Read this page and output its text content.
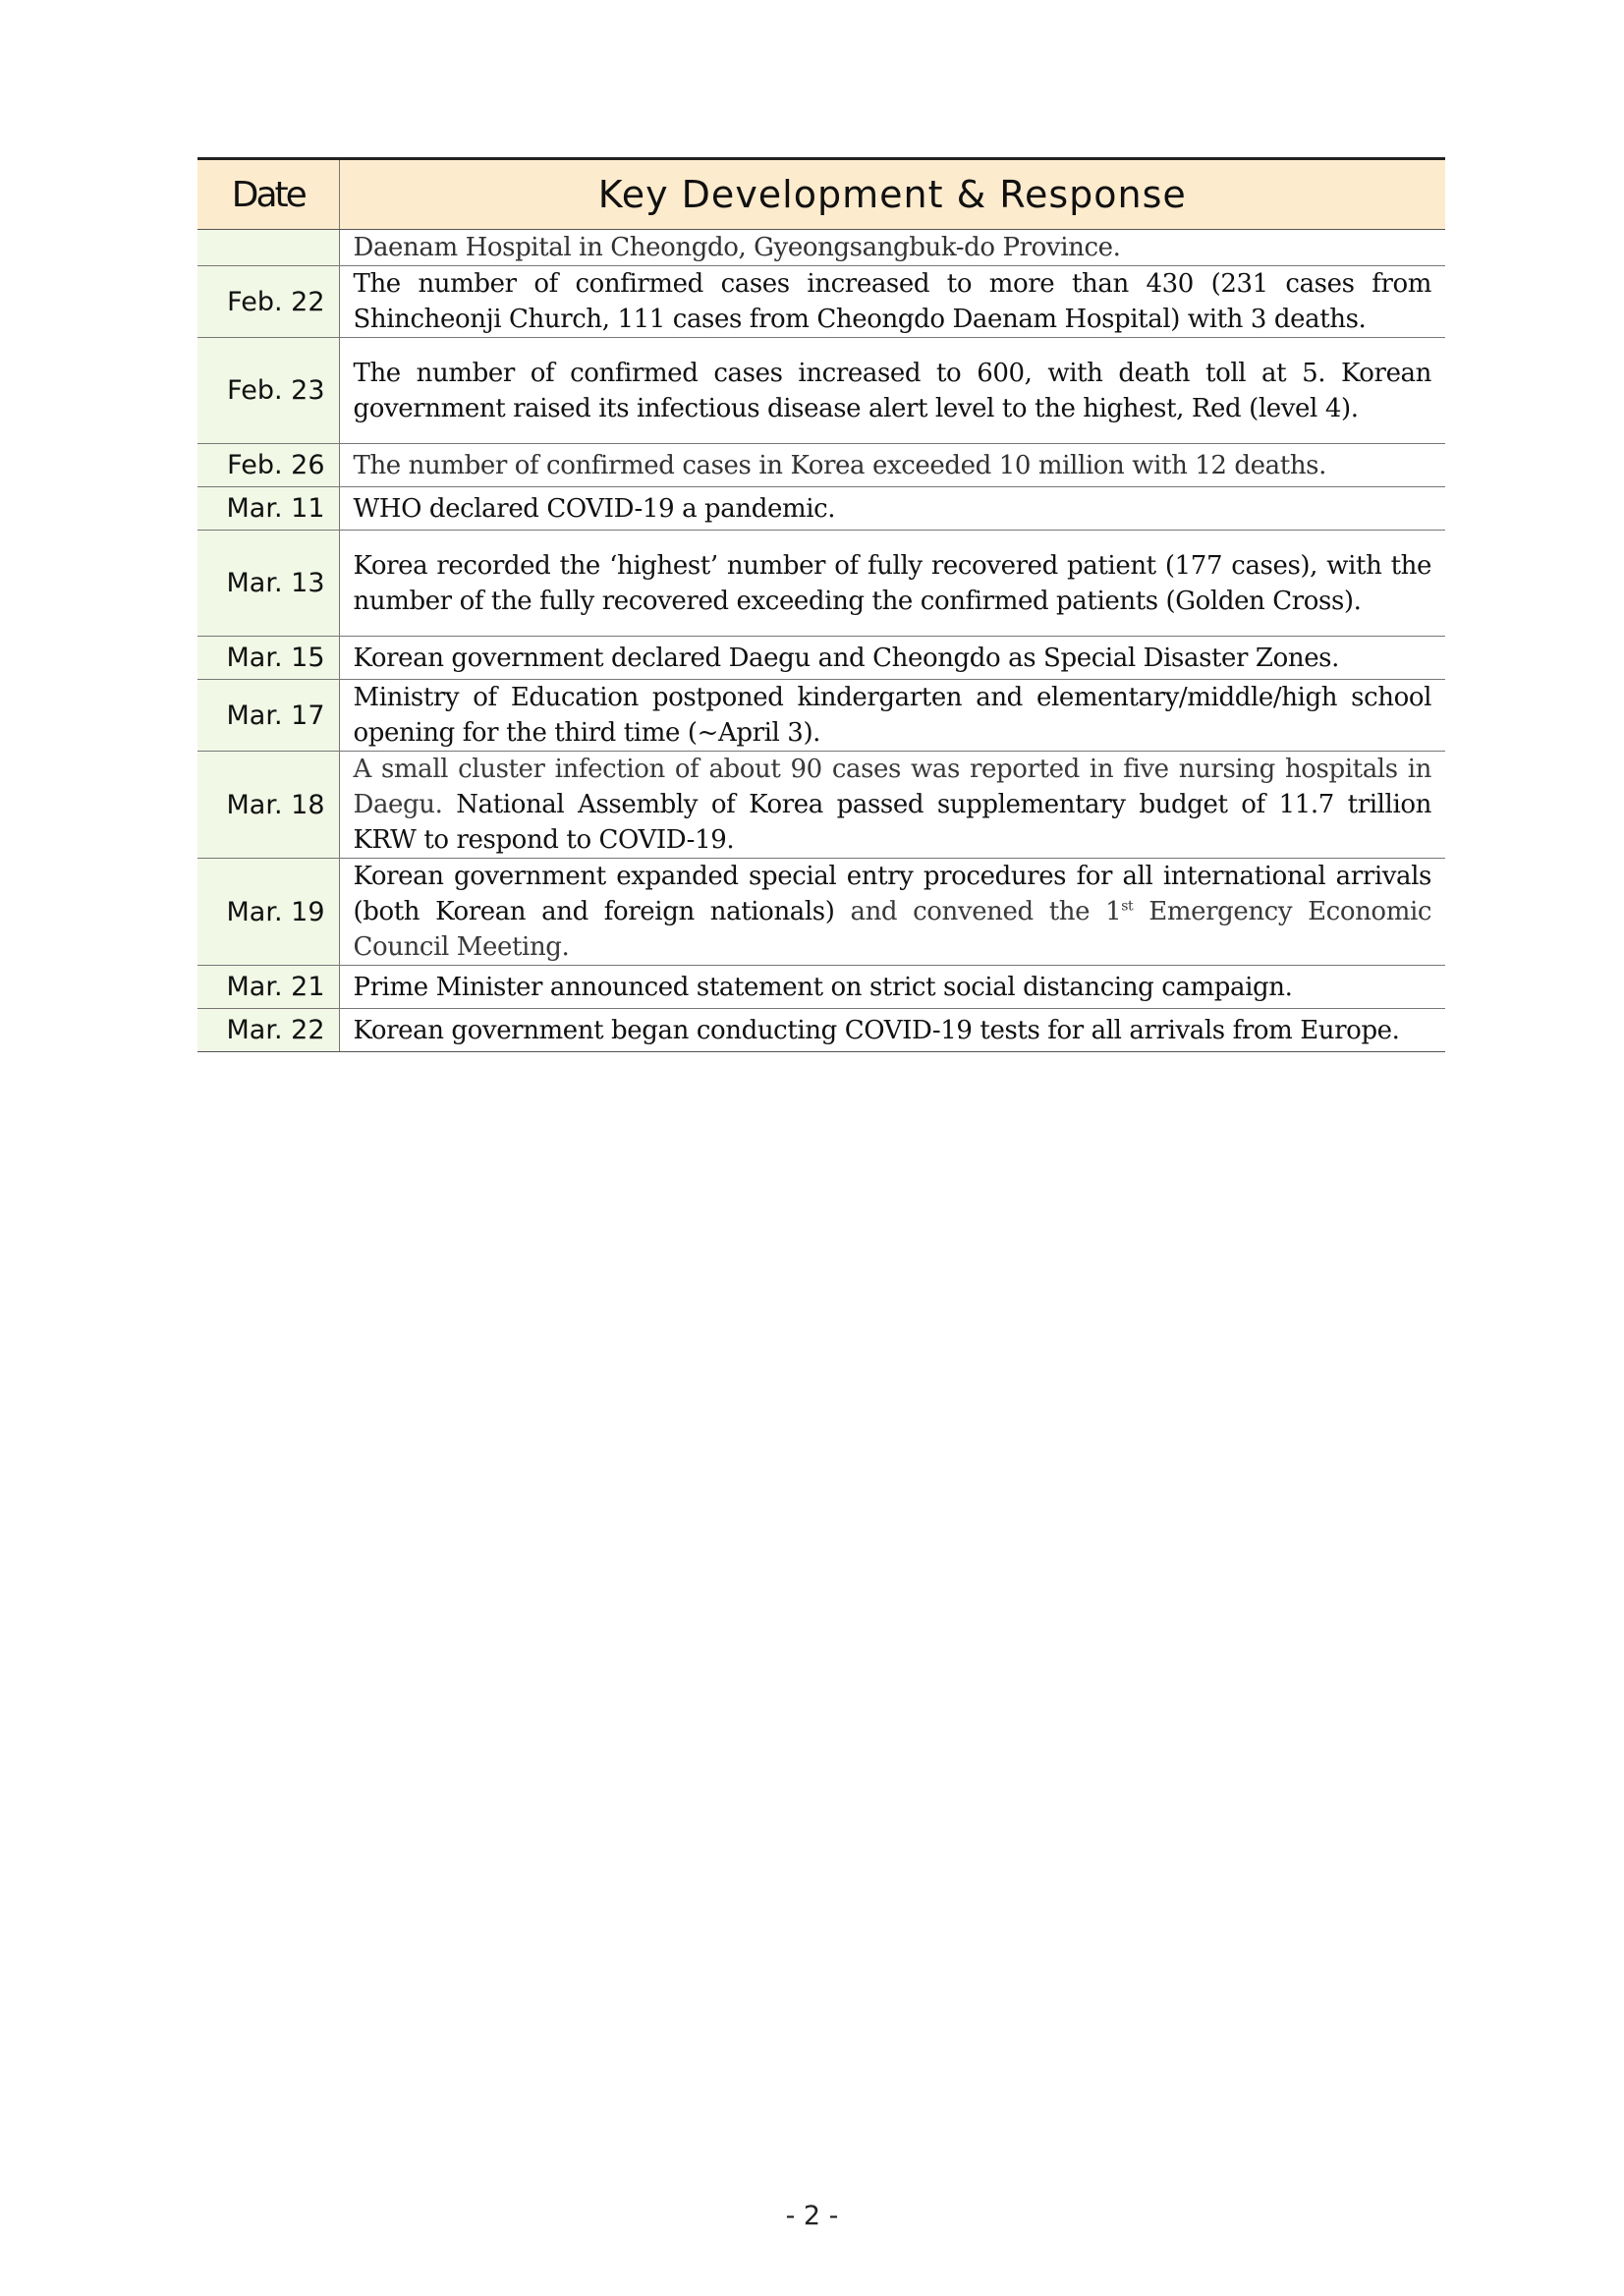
Date	Key Development & Response
	Daenam Hospital in Cheongdo, Gyeongsangbuk-do Province.
Feb. 22	The number of confirmed cases increased to more than 430 (231 cases from Shincheonji Church, 111 cases from Cheongdo Daenam Hospital) with 3 deaths.
Feb. 23	The number of confirmed cases increased to 600, with death toll at 5. Korean government raised its infectious disease alert level to the highest, Red (level 4).
Feb. 26	The number of confirmed cases in Korea exceeded 10 million with 12 deaths.
Mar. 11	WHO declared COVID-19 a pandemic.
Mar. 13	Korea recorded the ‘highest’ number of fully recovered patient (177 cases), with the number of the fully recovered exceeding the confirmed patients (Golden Cross).
Mar. 15	Korean government declared Daegu and Cheongdo as Special Disaster Zones.
Mar. 17	Ministry of Education postponed kindergarten and elementary/middle/high school opening for the third time (~April 3).
Mar. 18	A small cluster infection of about 90 cases was reported in five nursing hospitals in Daegu. National Assembly of Korea passed supplementary budget of 11.7 trillion KRW to respond to COVID-19.
Mar. 19	Korean government expanded special entry procedures for all international arrivals (both Korean and foreign nationals) and convened the 1st Emergency Economic Council Meeting.
Mar. 21	Prime Minister announced statement on strict social distancing campaign.
Mar. 22	Korean government began conducting COVID-19 tests for all arrivals from Europe.
- 2 -
